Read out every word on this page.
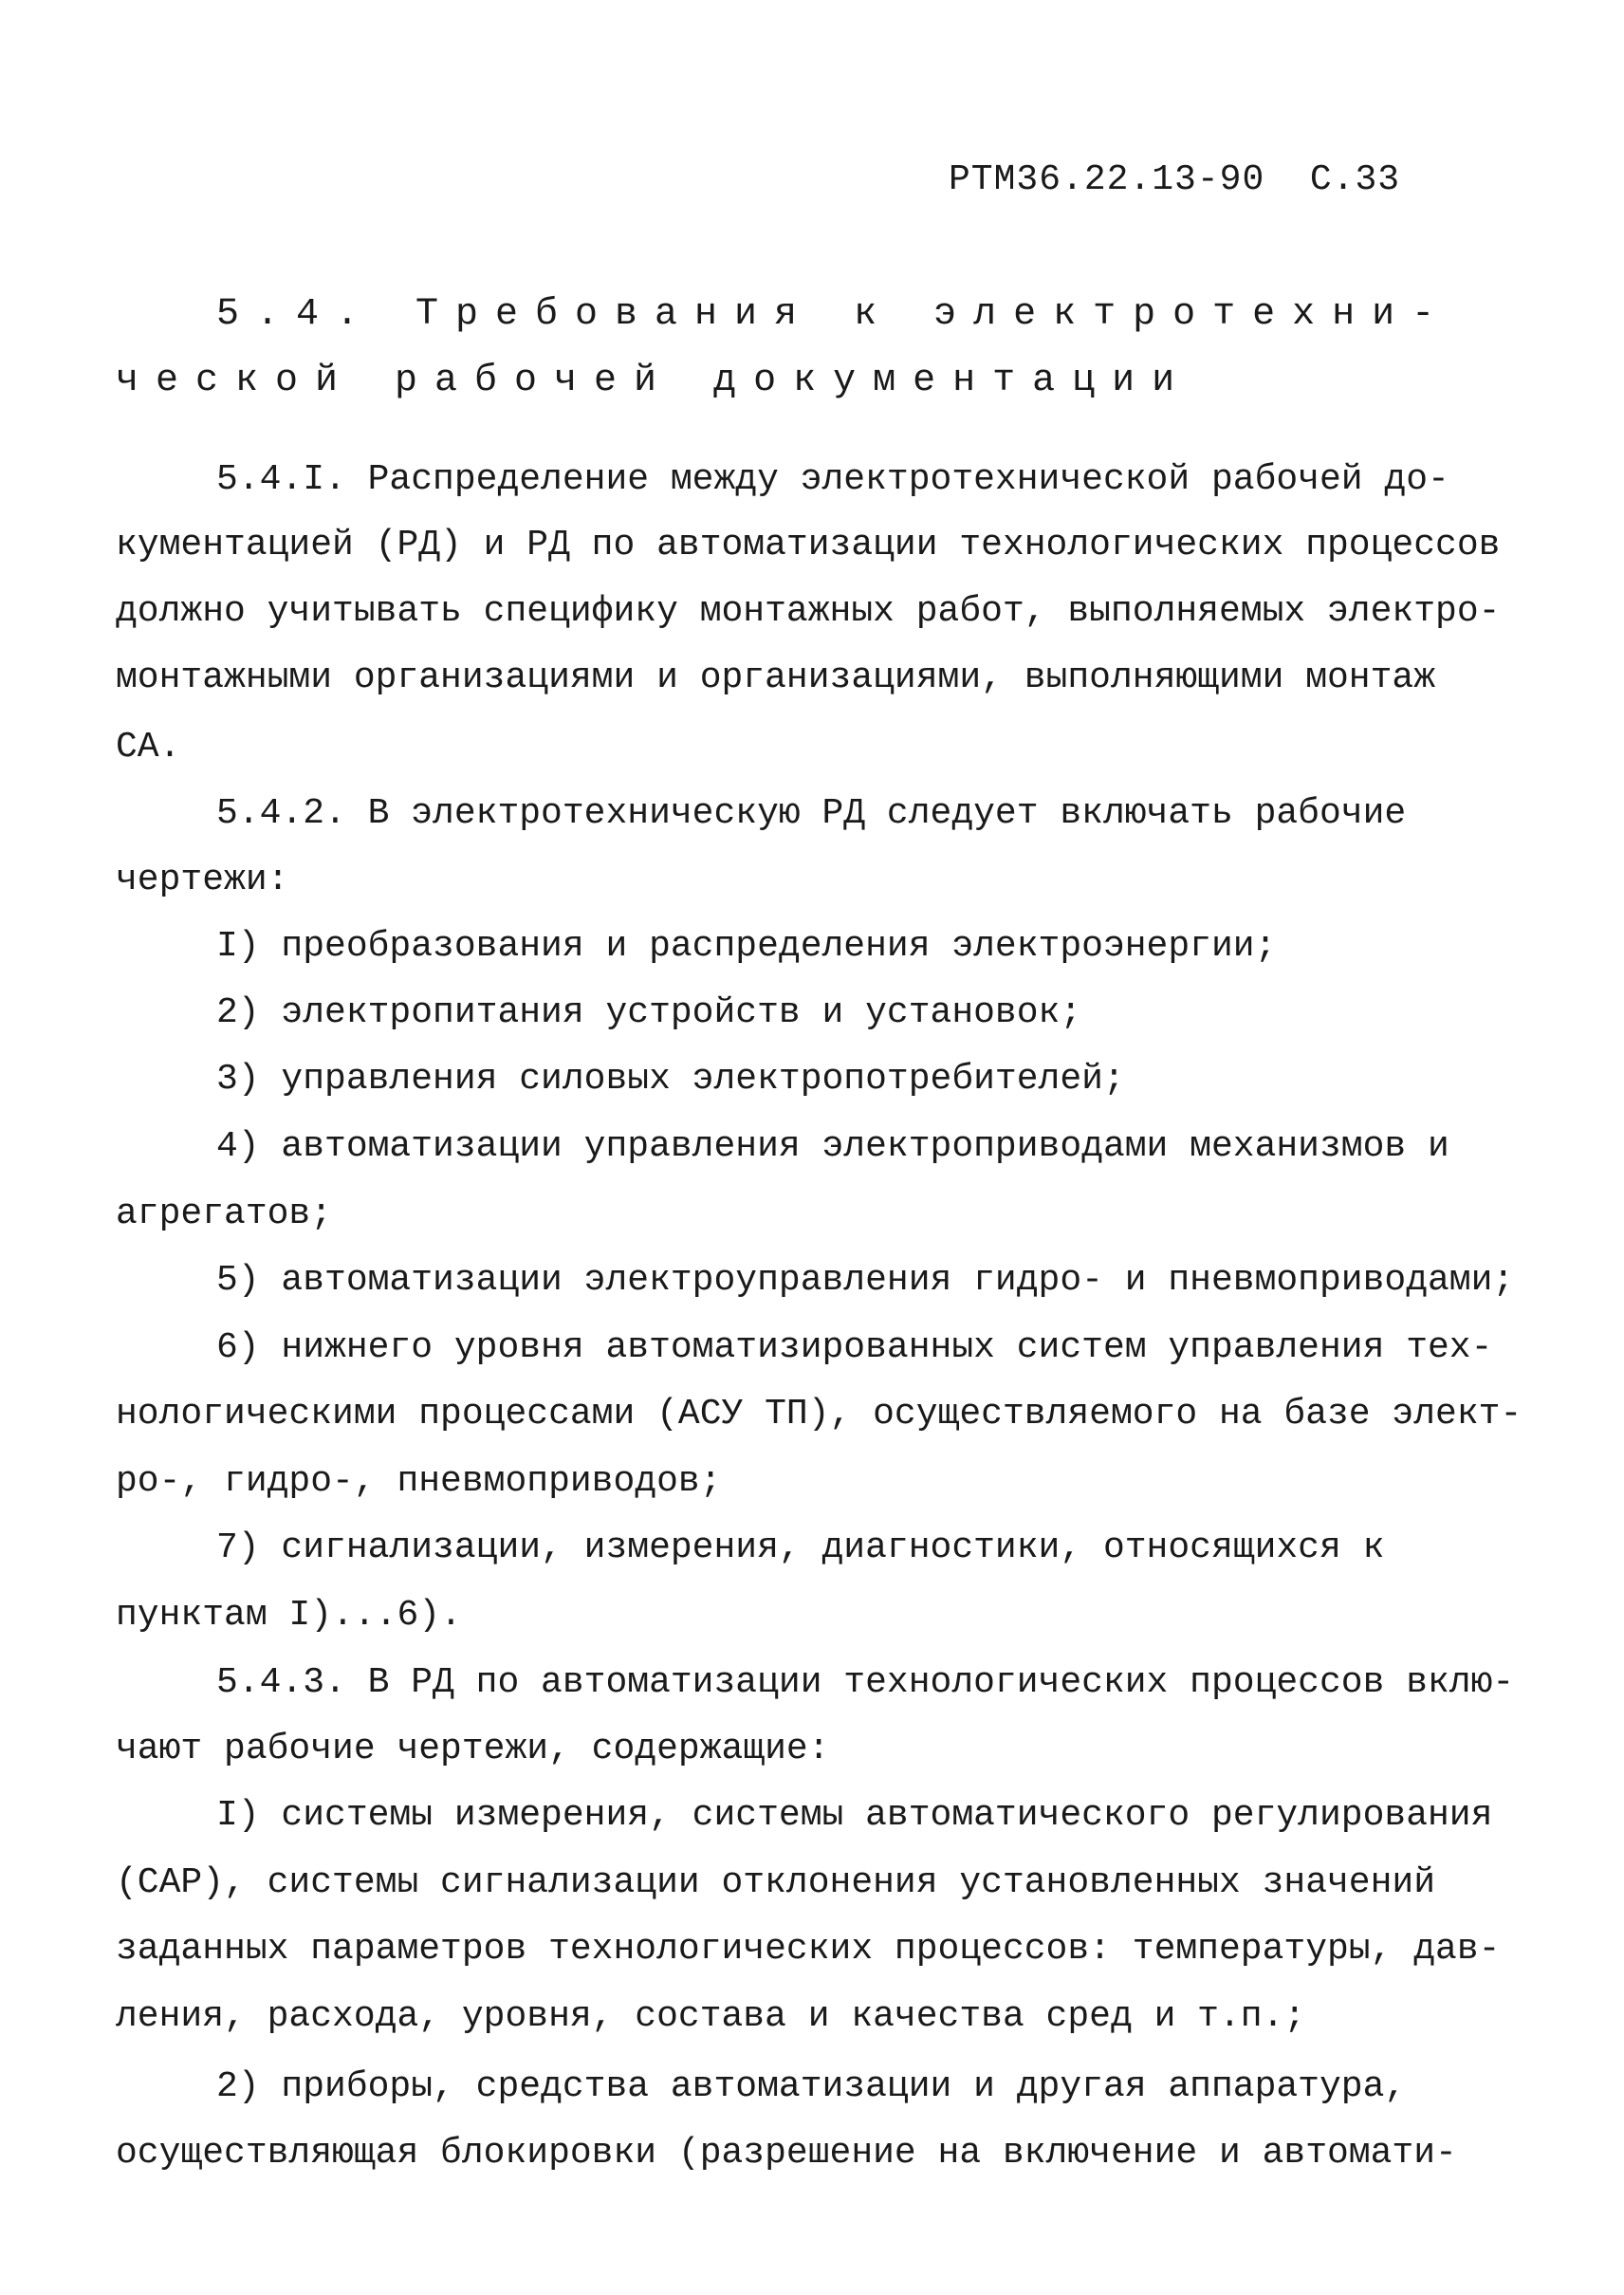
РТМ36.22.13-90 С.33
5.4. Требования к электротехни-
ческой рабочей документации
5.4.I. Распределение между электротехнической рабочей до-
кументацией (РД) и РД по автоматизации технологических процессов
должно учитывать специфику монтажных работ, выполняемых электро-
монтажными организациями и организациями, выполняющими монтаж
СА.
5.4.2. В электротехническую РД следует включать рабочие
чертежи:
I) преобразования и распределения электроэнергии;
2) электропитания устройств и установок;
3) управления силовых электропотребителей;
4) автоматизации управления электроприводами механизмов и
агрегатов;
5) автоматизации электроуправления гидро- и пневмоприводами;
6) нижнего уровня автоматизированных систем управления тех-
нологическими процессами (АСУ ТП), осуществляемого на базе элект-
ро-, гидро-, пневмоприводов;
7) сигнализации, измерения, диагностики, относящихся к
пунктам I)...6).
5.4.3. В РД по автоматизации технологических процессов вклю-
чают рабочие чертежи, содержащие:
I) системы измерения, системы автоматического регулирования
(САР), системы сигнализации отклонения установленных значений
заданных параметров технологических процессов: температуры, дав-
ления, расхода, уровня, состава и качества сред и т.п.;
2) приборы, средства автоматизации и другая аппаратура,
осуществляющая блокировки (разрешение на включение и автомати-
